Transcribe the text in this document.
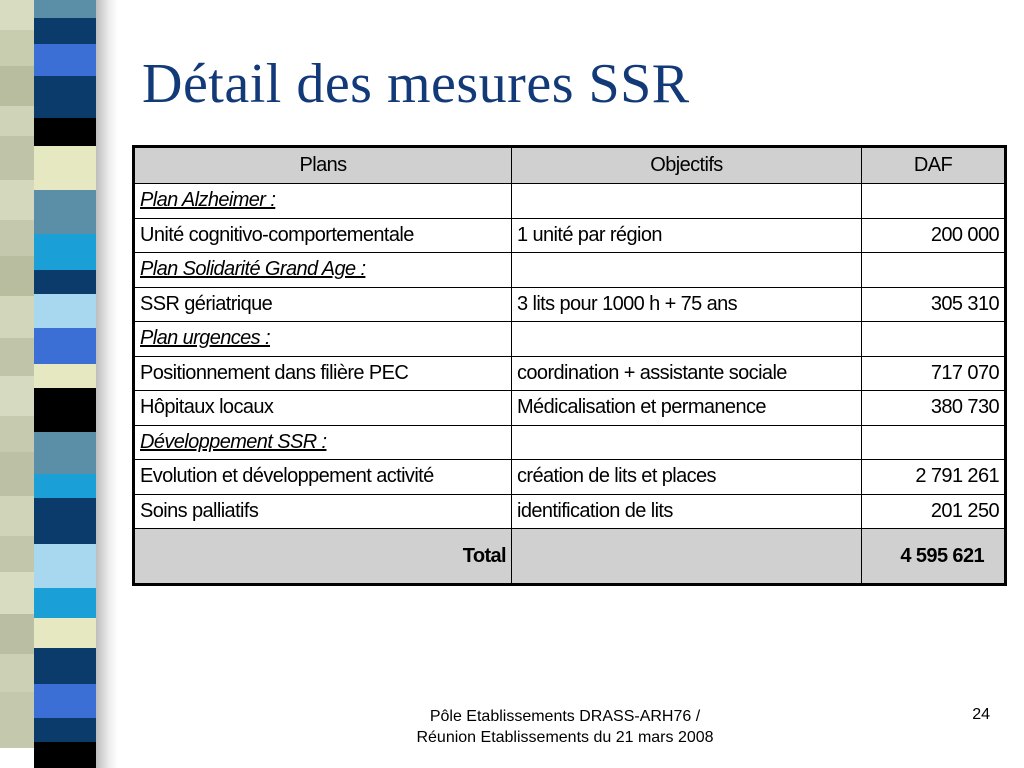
Détail des mesures SSR
Plans	Objectifs	DAF
Plan Alzheimer :		
Unité cognitivo-comportementale	1 unité par région	200 000
Plan Solidarité Grand Age :		
SSR gériatrique	3 lits pour 1000 h + 75 ans	305 310
Plan urgences :		
Positionnement dans filière PEC	coordination + assistante sociale	717 070
Hôpitaux locaux	Médicalisation et permanence	380 730
Développement SSR :		
Evolution et développement activité	création de lits et places	2 791 261
Soins palliatifs	identification de lits	201 250
Total		4 595 621
Pôle Etablissements DRASS-ARH76 / Réunion Etablissements du 21 mars 2008
24
